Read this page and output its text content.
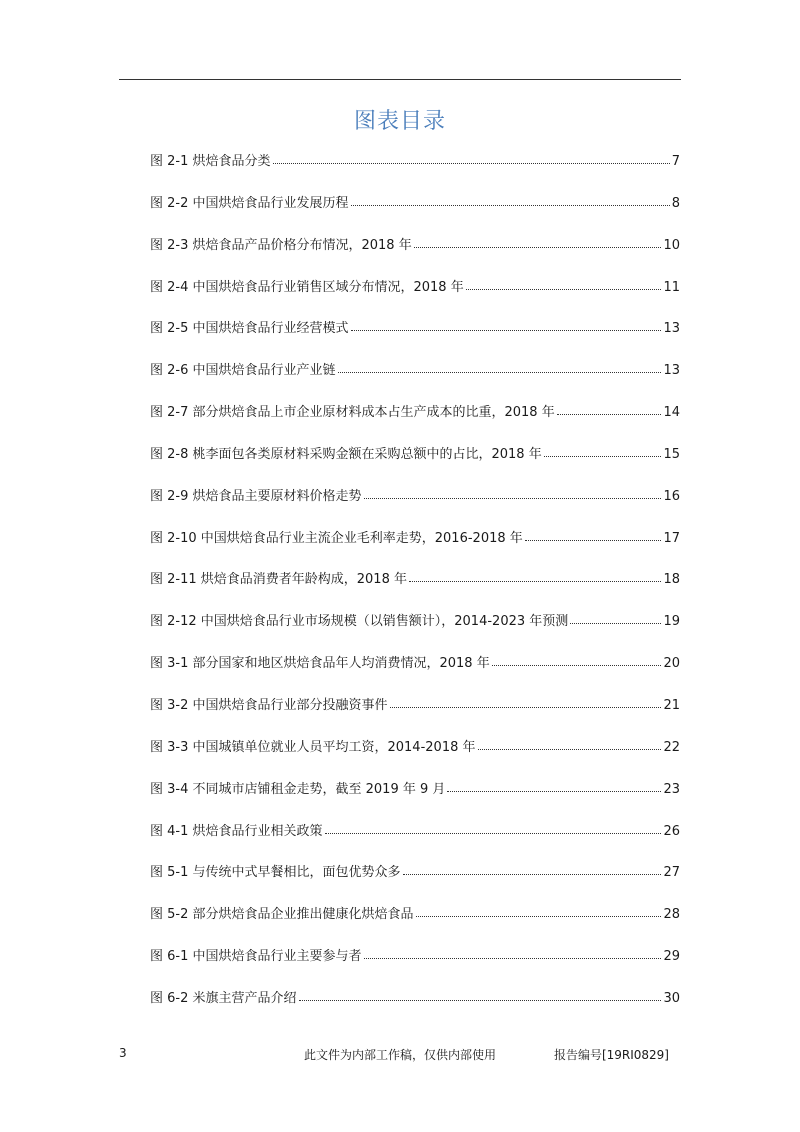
图表目录
图 2-1 烘焙食品分类	7
图 2-2 中国烘焙食品行业发展历程	8
图 2-3 烘焙食品产品价格分布情况，2018 年	10
图 2-4 中国烘焙食品行业销售区域分布情况，2018 年	11
图 2-5 中国烘焙食品行业经营模式	13
图 2-6 中国烘焙食品行业产业链	13
图 2-7 部分烘焙食品上市企业原材料成本占生产成本的比重，2018 年	14
图 2-8 桃李面包各类原材料采购金额在采购总额中的占比，2018 年	15
图 2-9 烘焙食品主要原材料价格走势	16
图 2-10 中国烘焙食品行业主流企业毛利率走势，2016-2018 年	17
图 2-11 烘焙食品消费者年龄构成，2018 年	18
图 2-12 中国烘焙食品行业市场规模（以销售额计），2014-2023 年预测	19
图 3-1 部分国家和地区烘焙食品年人均消费情况，2018 年	20
图 3-2 中国烘焙食品行业部分投融资事件	21
图 3-3 中国城镇单位就业人员平均工资，2014-2018 年	22
图 3-4 不同城市店铺租金走势，截至 2019 年 9 月	23
图 4-1 烘焙食品行业相关政策	26
图 5-1 与传统中式早餐相比，面包优势众多	27
图 5-2 部分烘焙食品企业推出健康化烘焙食品	28
图 6-1 中国烘焙食品行业主要参与者	29
图 6-2 米旗主营产品介绍	30
3	此文件为内部工作稿，仅供内部使用	报告编号[19RI0829]
